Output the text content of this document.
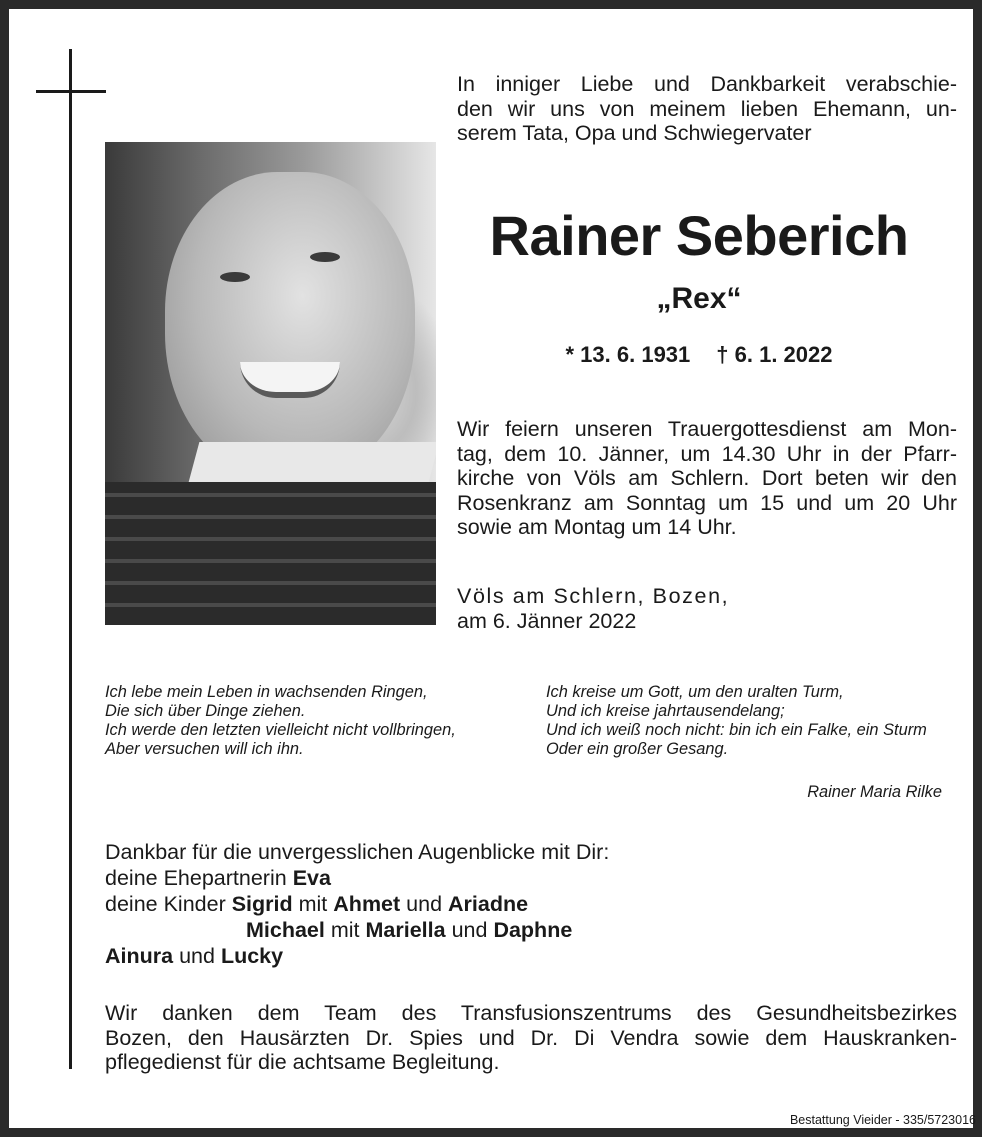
In inniger Liebe und Dankbarkeit verabschie-
den wir uns von meinem lieben Ehemann, un-
serem Tata, Opa und Schwiegervater
Rainer Seberich
„Rex“
* 13. 6. 1931 † 6. 1. 2022
Wir feiern unseren Trauergottesdienst am Mon-
tag, dem 10. Jänner, um 14.30 Uhr in der Pfarr-
kirche von Völs am Schlern. Dort beten wir den
Rosenkranz am Sonntag um 15 und um 20 Uhr
sowie am Montag um 14 Uhr.
Völs am Schlern, Bozen,
am 6. Jänner 2022
Ich lebe mein Leben in wachsenden Ringen,
Die sich über Dinge ziehen.
Ich werde den letzten vielleicht nicht vollbringen,
Aber versuchen will ich ihn.
Ich kreise um Gott, um den uralten Turm,
Und ich kreise jahrtausendelang;
Und ich weiß noch nicht: bin ich ein Falke, ein Sturm
Oder ein großer Gesang.
Rainer Maria Rilke
Dankbar für die unvergesslichen Augenblicke mit Dir:
deine Ehepartnerin Eva
deine Kinder Sigrid mit Ahmet und Ariadne
Michael mit Mariella und Daphne
Ainura und Lucky
Wir danken dem Team des Transfusionszentrums des Gesundheitsbezirkes
Bozen, den Hausärzten Dr. Spies und Dr. Di Vendra sowie dem Hauskranken-
pflegedienst für die achtsame Begleitung.
Bestattung Vieider - 335/5723016
